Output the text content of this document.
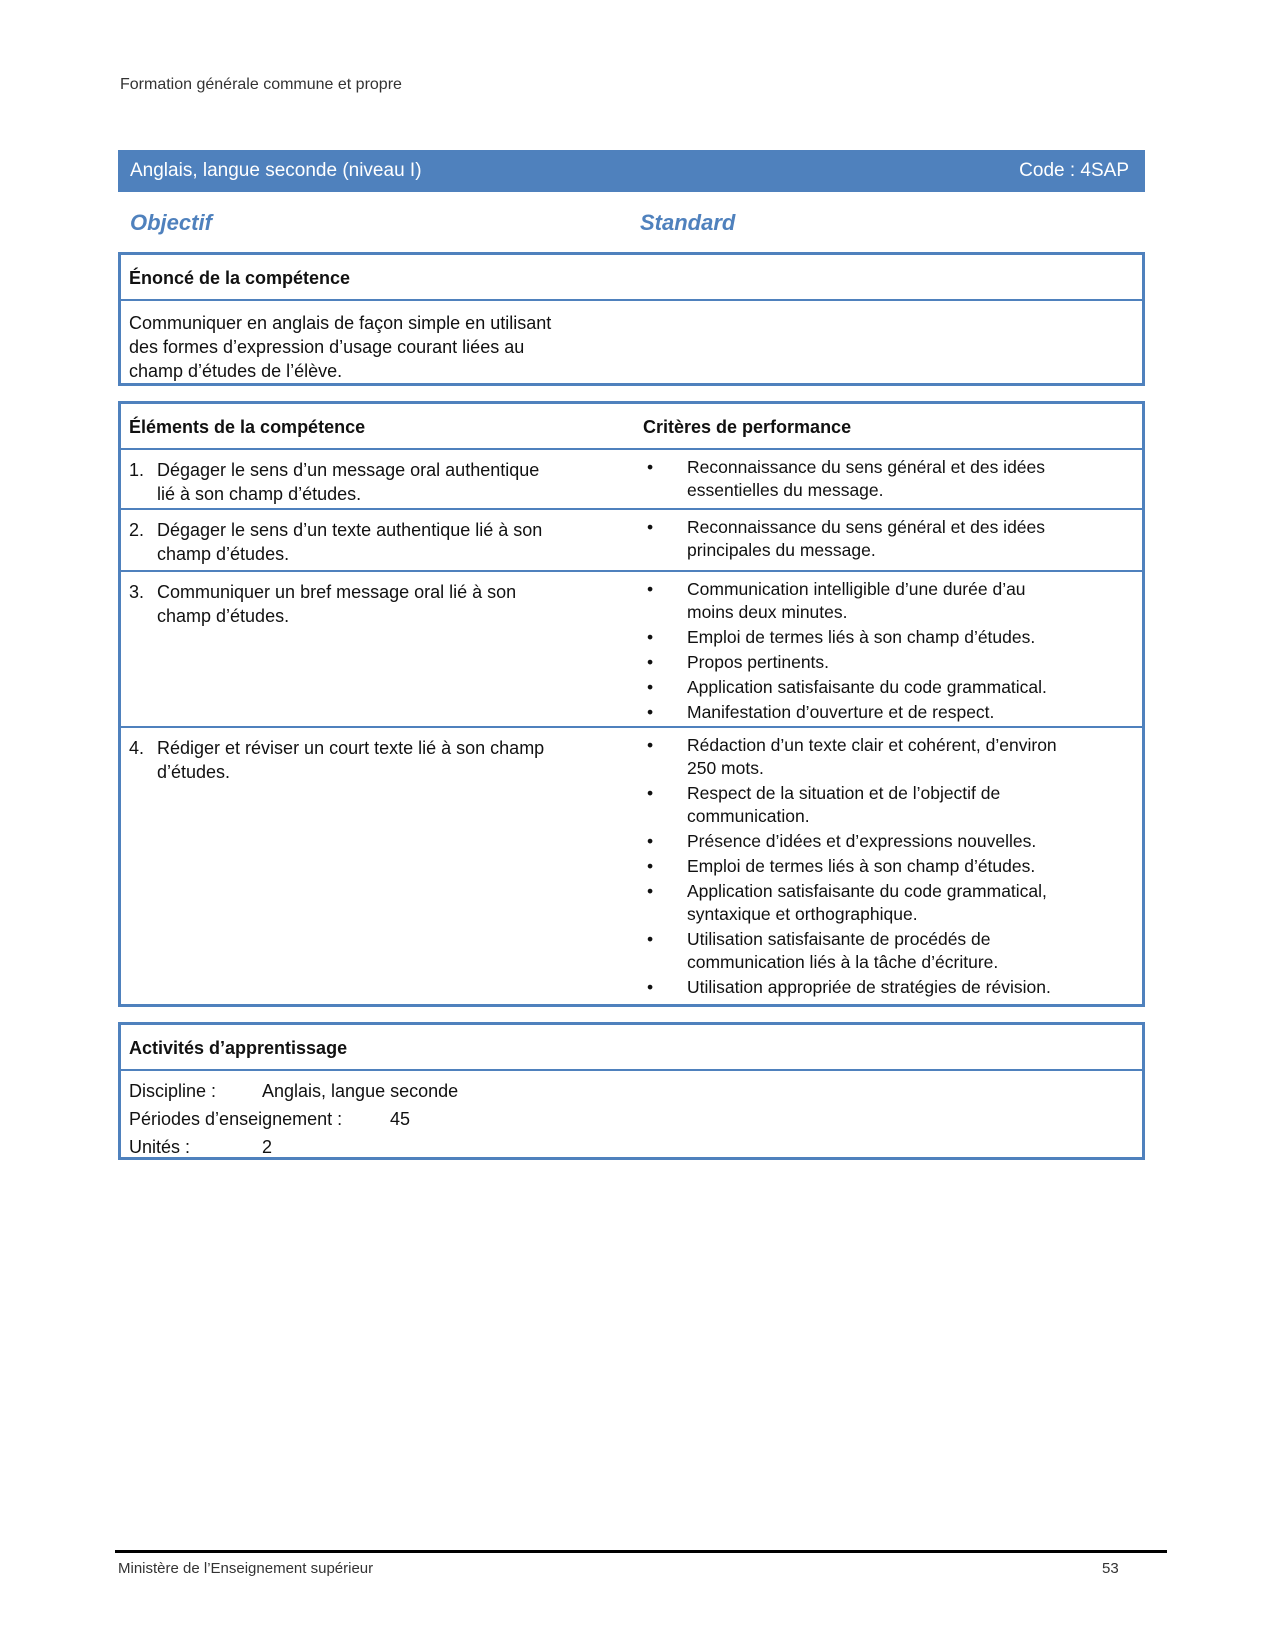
Formation générale commune et propre
Anglais, langue seconde (niveau I)	Code : 4SAP
Objectif	Standard
Énoncé de la compétence
Communiquer en anglais de façon simple en utilisant
des formes d’expression d’usage courant liées au
champ d’études de l’élève.
Éléments de la compétence	Critères de performance
1. Dégager le sens d’un message oral authentique
lié à son champ d’études.
• Reconnaissance du sens général et des idées
essentielles du message.
2. Dégager le sens d’un texte authentique lié à son
champ d’études.
• Reconnaissance du sens général et des idées
principales du message.
3. Communiquer un bref message oral lié à son
champ d’études.
• Communication intelligible d’une durée d’au
moins deux minutes.
• Emploi de termes liés à son champ d’études.
• Propos pertinents.
• Application satisfaisante du code grammatical.
• Manifestation d’ouverture et de respect.
4. Rédiger et réviser un court texte lié à son champ
d’études.
• Rédaction d’un texte clair et cohérent, d’environ
250 mots.
• Respect de la situation et de l’objectif de
communication.
• Présence d’idées et d’expressions nouvelles.
• Emploi de termes liés à son champ d’études.
• Application satisfaisante du code grammatical,
syntaxique et orthographique.
• Utilisation satisfaisante de procédés de
communication liés à la tâche d’écriture.
• Utilisation appropriée de stratégies de révision.
Activités d’apprentissage
Discipline :	Anglais, langue seconde
Périodes d’enseignement :	45
Unités :	2
Ministère de l’Enseignement supérieur	53
